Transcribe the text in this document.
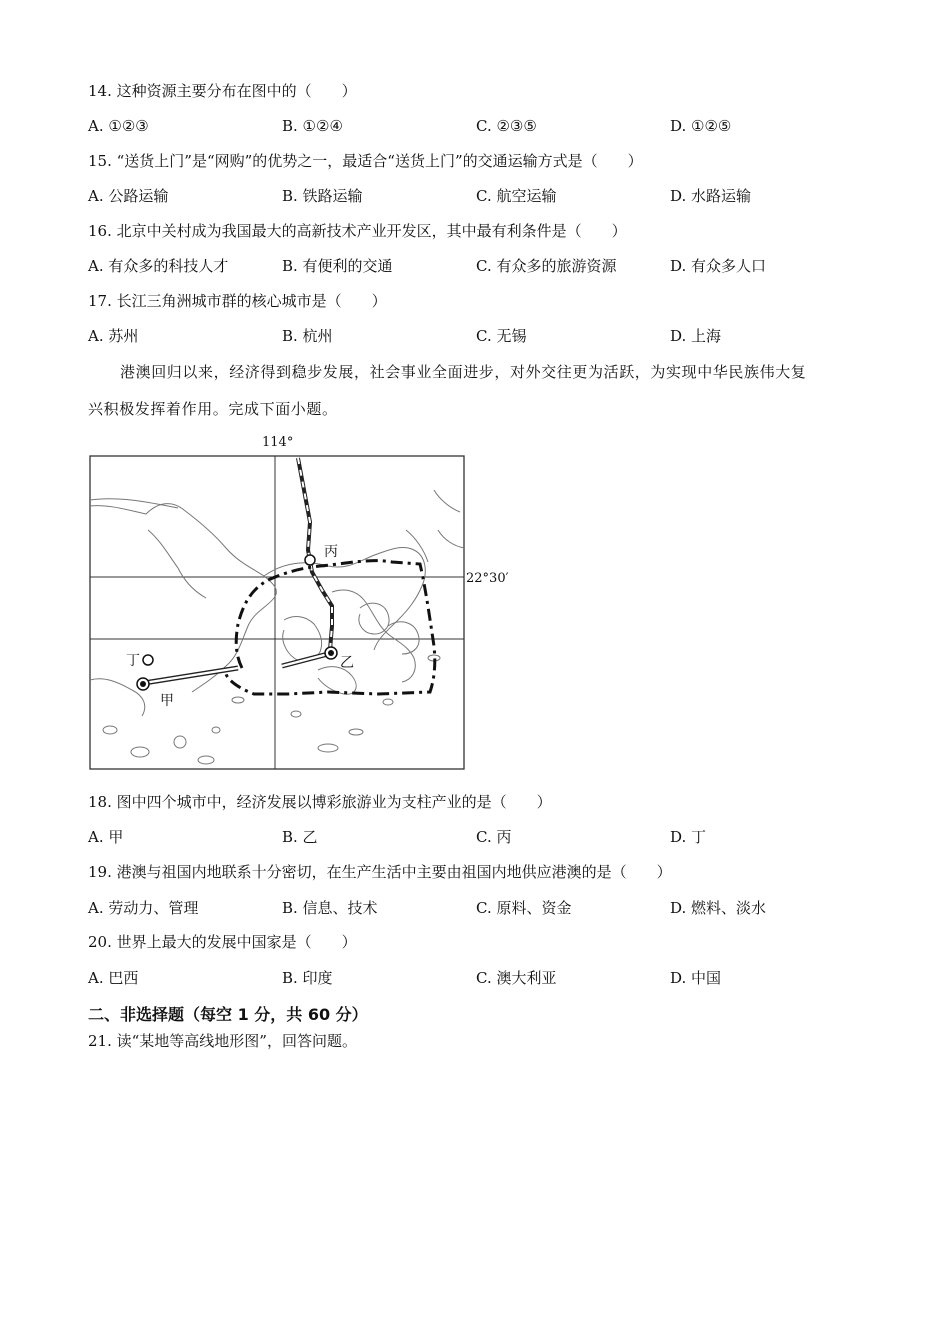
14. 这种资源主要分布在图中的（　　）
A. ①②③	B. ①②④	C. ②③⑤	D. ①②⑤
15. “送货上门”是“网购”的优势之一，最适合“送货上门”的交通运输方式是（　　）
A. 公路运输	B. 铁路运输	C. 航空运输	D. 水路运输
16. 北京中关村成为我国最大的高新技术产业开发区，其中最有利条件是（　　）
A. 有众多的科技人才	B. 有便利的交通	C. 有众多的旅游资源	D. 有众多人口
17. 长江三角洲城市群的核心城市是（　　）
A. 苏州	B. 杭州	C. 无锡	D. 上海
港澳回归以来，经济得到稳步发展，社会事业全面进步，对外交往更为活跃，为实现中华民族伟大复
兴积极发挥着作用。完成下面小题。
114°
22°30′
丙
乙
丁
甲
18. 图中四个城市中，经济发展以博彩旅游业为支柱产业的是（　　）
A. 甲	B. 乙	C. 丙	D. 丁
19. 港澳与祖国内地联系十分密切，在生产生活中主要由祖国内地供应港澳的是（　　）
A. 劳动力、管理	B. 信息、技术	C. 原料、资金	D. 燃料、淡水
20. 世界上最大的发展中国家是（　　）
A. 巴西	B. 印度	C. 澳大利亚	D. 中国
二、非选择题（每空 1 分，共 60 分）
21. 读“某地等高线地形图”，回答问题。
